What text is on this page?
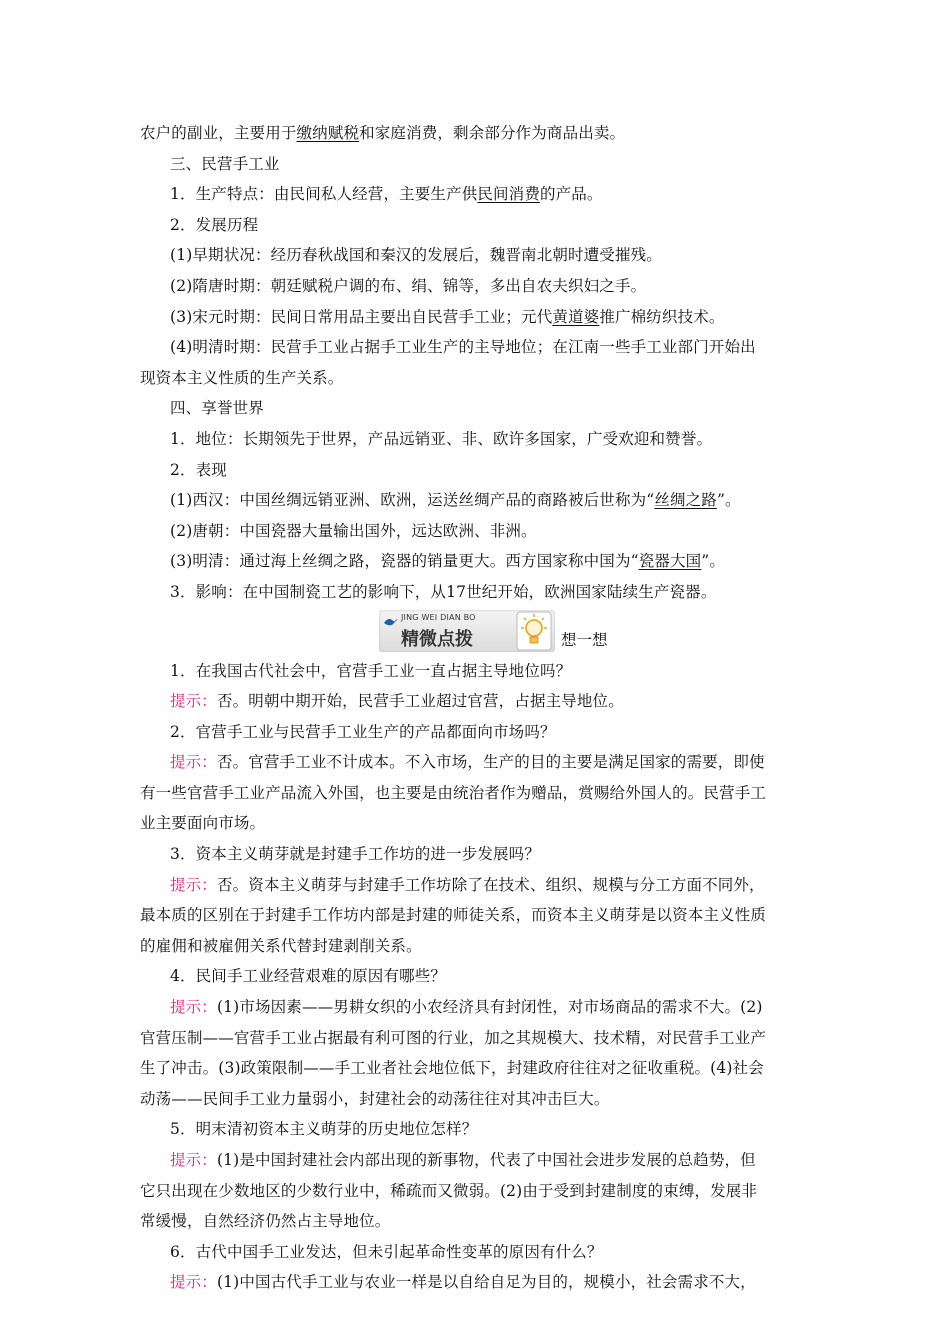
农户的副业，主要用于缴纳赋税和家庭消费，剩余部分作为商品出卖。
三、民营手工业
1．生产特点：由民间私人经营，主要生产供民间消费的产品。
2．发展历程
(1)早期状况：经历春秋战国和秦汉的发展后，魏晋南北朝时遭受摧残。
(2)隋唐时期：朝廷赋税户调的布、绢、锦等，多出自农夫织妇之手。
(3)宋元时期：民间日常用品主要出自民营手工业；元代黄道婆推广棉纺织技术。
(4)明清时期：民营手工业占据手工业生产的主导地位；在江南一些手工业部门开始出
现资本主义性质的生产关系。
四、享誉世界
1．地位：长期领先于世界，产品远销亚、非、欧许多国家，广受欢迎和赞誉。
2．表现
(1)西汉：中国丝绸远销亚洲、欧洲，运送丝绸产品的商路被后世称为“丝绸之路”。
(2)唐朝：中国瓷器大量输出国外，远达欧洲、非洲。
(3)明清：通过海上丝绸之路，瓷器的销量更大。西方国家称中国为“瓷器大国”。
3．影响：在中国制瓷工艺的影响下，从17世纪开始，欧洲国家陆续生产瓷器。
JING WEI DIAN BO
精微点拨	想一想
1．在我国古代社会中，官营手工业一直占据主导地位吗？
提示：否。明朝中期开始，民营手工业超过官营，占据主导地位。
2．官营手工业与民营手工业生产的产品都面向市场吗？
提示：否。官营手工业不计成本。不入市场，生产的目的主要是满足国家的需要，即使
有一些官营手工业产品流入外国，也主要是由统治者作为赠品，赏赐给外国人的。民营手工
业主要面向市场。
3．资本主义萌芽就是封建手工作坊的进一步发展吗？
提示：否。资本主义萌芽与封建手工作坊除了在技术、组织、规模与分工方面不同外，
最本质的区别在于封建手工作坊内部是封建的师徒关系，而资本主义萌芽是以资本主义性质
的雇佣和被雇佣关系代替封建剥削关系。
4．民间手工业经营艰难的原因有哪些？
提示：(1)市场因素——男耕女织的小农经济具有封闭性，对市场商品的需求不大。(2)
官营压制——官营手工业占据最有利可图的行业，加之其规模大、技术精，对民营手工业产
生了冲击。(3)政策限制——手工业者社会地位低下，封建政府往往对之征收重税。(4)社会
动荡——民间手工业力量弱小，封建社会的动荡往往对其冲击巨大。
5．明末清初资本主义萌芽的历史地位怎样？
提示：(1)是中国封建社会内部出现的新事物，代表了中国社会进步发展的总趋势，但
它只出现在少数地区的少数行业中，稀疏而又微弱。(2)由于受到封建制度的束缚，发展非
常缓慢，自然经济仍然占主导地位。
6．古代中国手工业发达，但未引起革命性变革的原因有什么？
提示：(1)中国古代手工业与农业一样是以自给自足为目的，规模小，社会需求不大，
